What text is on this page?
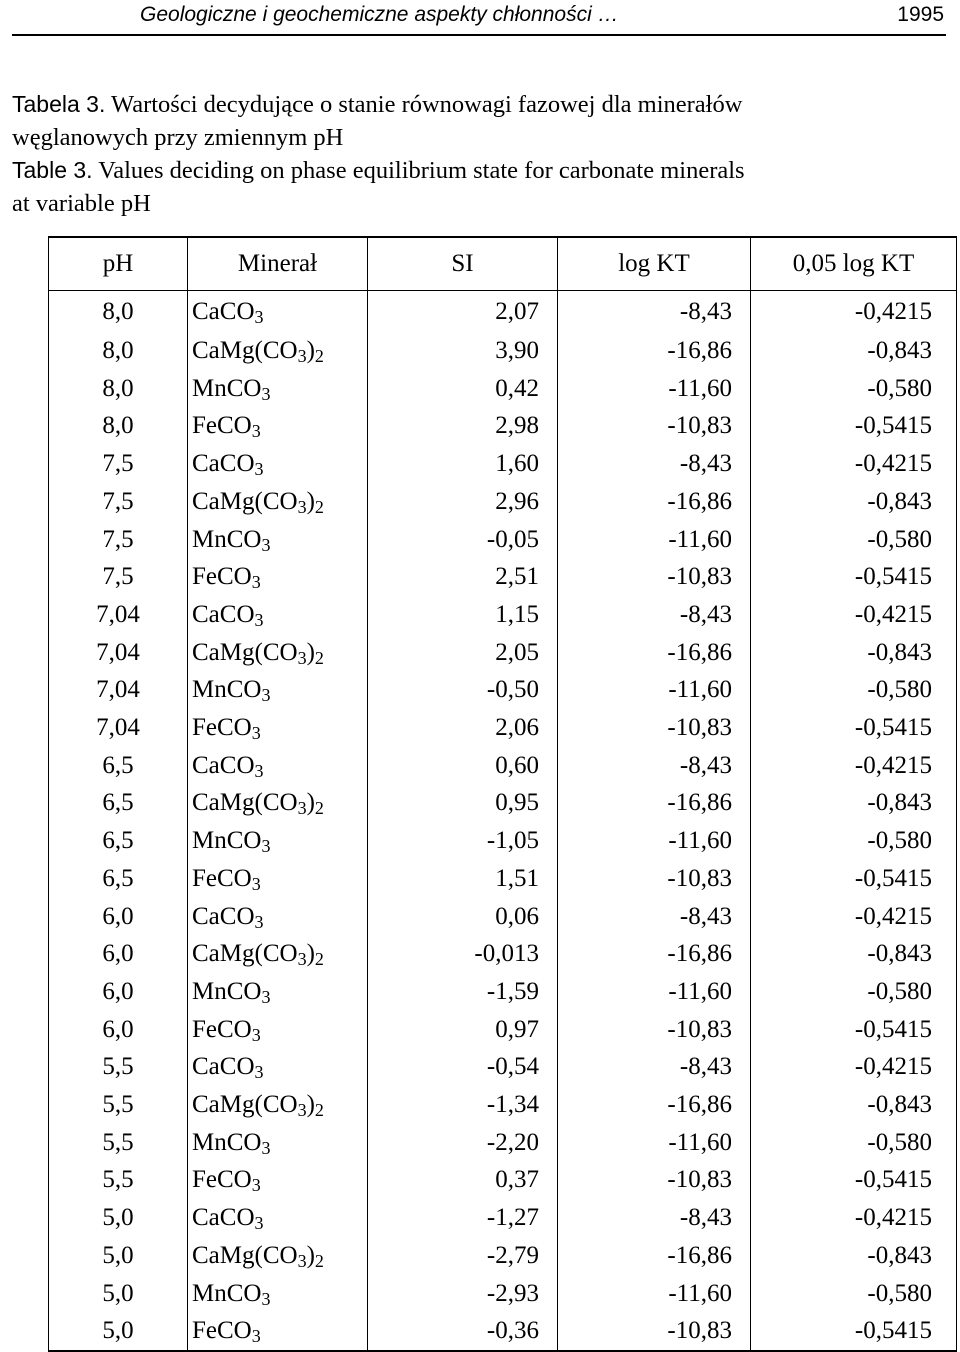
Geologiczne i geochemiczne aspekty chłonności …	1995
Tabela 3. Wartości decydujące o stanie równowagi fazowej dla minerałów
węglanowych przy zmiennym pH
Table 3. Values deciding on phase equilibrium state for carbonate minerals
at variable pH
pH	Minerał	SI	log KT	0,05 log KT
8,0	CaCO$_3$	2,07	-8,43	-0,4215
8,0	$CaMg(CO_3)_2$	3,90	-16,86	-0,843
8,0	MnCO$_3$	0,42	-11,60	-0,580
8,0	FeCO$_3$	2,98	-10,83	-0,5415
7,5	CaCO$_3$	1,60	-8,43	-0,4215
7,5	$CaMg(CO_3)_2$	2,96	-16,86	-0,843
7,5	MnCO$_3$	-0,05	-11,60	-0,580
7,5	FeCO$_3$	2,51	-10,83	-0,5415
7,04	CaCO$_3$	1,15	-8,43	-0,4215
7,04	$CaMg(CO_3)_2$	2,05	-16,86	-0,843
7,04	MnCO$_3$	-0,50	-11,60	-0,580
7,04	FeCO$_3$	2,06	-10,83	-0,5415
6,5	CaCO$_3$	0,60	-8,43	-0,4215
6,5	$CaMg(CO_3)_2$	0,95	-16,86	-0,843
6,5	MnCO$_3$	-1,05	-11,60	-0,580
6,5	FeCO$_3$	1,51	-10,83	-0,5415
6,0	CaCO$_3$	0,06	-8,43	-0,4215
6,0	$CaMg(CO_3)_2$	-0,013	-16,86	-0,843
6,0	MnCO$_3$	-1,59	-11,60	-0,580
6,0	FeCO$_3$	0,97	-10,83	-0,5415
5,5	CaCO$_3$	-0,54	-8,43	-0,4215
5,5	$CaMg(CO_3)_2$	-1,34	-16,86	-0,843
5,5	MnCO$_3$	-2,20	-11,60	-0,580
5,5	FeCO$_3$	0,37	-10,83	-0,5415
5,0	CaCO$_3$	-1,27	-8,43	-0,4215
5,0	$CaMg(CO_3)_2$	-2,79	-16,86	-0,843
5,0	MnCO$_3$	-2,93	-11,60	-0,580
5,0	FeCO$_3$	-0,36	-10,83	-0,5415
